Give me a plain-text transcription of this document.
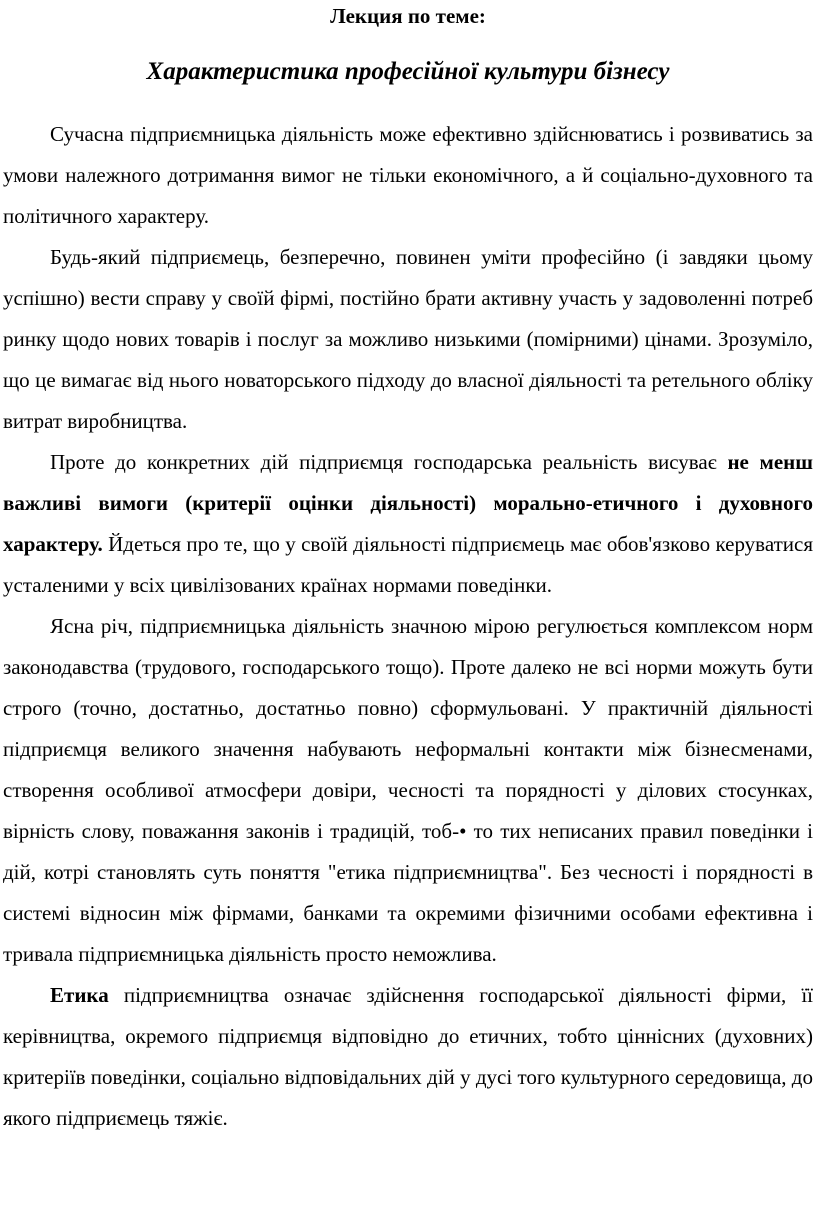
Лекция по теме:
Характеристика професійної культури бізнесу

Сучасна підприємницька діяльність може ефективно здійснюватись і розвиватись за умови належного дотримання вимог не тільки економічного, а й соціально-духовного та політичного характеру.

Будь-який підприємець, безперечно, повинен уміти професійно (і завдяки цьому успішно) вести справу у своїй фірмі, постійно брати активну участь у задоволенні потреб ринку щодо нових товарів і послуг за можливо низькими (помірними) цінами. Зрозуміло, що це вимагає від нього новаторського підходу до власної діяльності та ретельного обліку витрат виробництва.

Проте до конкретних дій підприємця господарська реальність висуває не менш важливі вимоги (критерії оцінки діяльності) морально-етичного і духовного характеру. Йдеться про те, що у своїй діяльності підприємець має обов'язково керуватися усталеними у всіх цивілізованих країнах нормами поведінки.

Ясна річ, підприємницька діяльність значною мірою регулюється комплексом норм законодавства (трудового, господарського тощо). Проте далеко не всі норми можуть бути строго (точно, достатньо, достатньо повно) сформульовані. У практичній діяльності підприємця великого значення набувають неформальні контакти між бізнесменами, створення особливої атмосфери довіри, чесності та порядності у ділових стосунках, вірність слову, поважання законів і традицій, тоб-• то тих неписаних правил поведінки і дій, котрі становлять суть поняття "етика підприємництва". Без чесності і порядності в системі відносин між фірмами, банками та окремими фізичними особами ефективна і тривала підприємницька діяльність просто неможлива.

Етика підприємництва означає здійснення господарської діяльності фірми, її керівництва, окремого підприємця відповідно до етичних, тобто ціннісних (духовних) критеріїв поведінки, соціально відповідальних дій у дусі того культурного середовища, до якого підприємець тяжіє.
